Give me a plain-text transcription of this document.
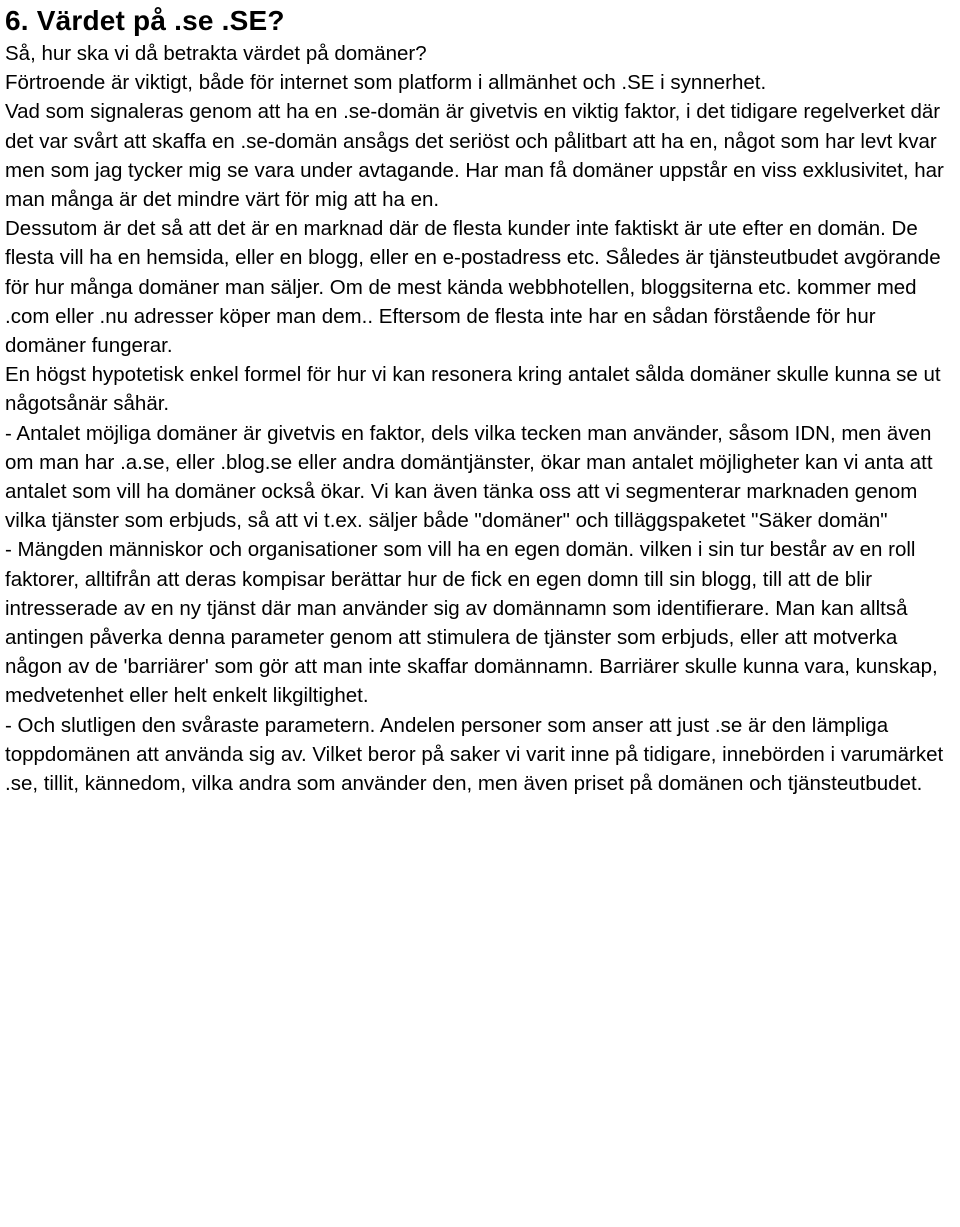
6. Värdet på .se .SE?

Så, hur ska vi då betrakta värdet på domäner?

Förtroende är viktigt, både för internet som platform i allmänhet och .SE i synnerhet.

Vad som signaleras genom att ha en .se-domän är givetvis en viktig faktor, i det tidigare regelverket där det var svårt att skaffa en .se-domän ansågs det seriöst och pålitbart att ha en, något som har levt kvar men som jag tycker mig se vara under avtagande. Har man få domäner uppstår en viss exklusivitet, har man många är det mindre värt för mig att ha en.

Dessutom är det så att det är en marknad där de flesta kunder inte faktiskt är ute efter en domän. De flesta vill ha en hemsida, eller en blogg, eller en e-postadress etc. Således är tjänsteutbudet avgörande för hur många domäner man säljer. Om de mest kända webbhotellen, bloggsiterna etc. kommer med .com eller .nu adresser köper man dem.. Eftersom de flesta inte har en sådan förstående för hur domäner fungerar.

En högst hypotetisk enkel formel för hur vi kan resonera kring antalet sålda domäner skulle kunna se ut någotsånär såhär.

- Antalet möjliga domäner är givetvis en faktor, dels vilka tecken man använder, såsom IDN, men även om man har .a.se, eller .blog.se eller andra domäntjänster, ökar man antalet möjligheter kan vi anta att antalet som vill ha domäner också ökar. Vi kan även tänka oss att vi segmenterar marknaden genom vilka tjänster som erbjuds, så att vi t.ex. säljer både "domäner" och tilläggspaketet "Säker domän"

- Mängden människor och organisationer som vill ha en egen domän. vilken i sin tur består av en roll faktorer, alltifrån att deras kompisar berättar hur de fick en egen domn till sin blogg, till att de blir intresserade av en ny tjänst där man använder sig av domännamn som identifierare. Man kan alltså antingen påverka denna parameter genom att stimulera de tjänster som erbjuds, eller att motverka någon av de 'barriärer' som gör att man inte skaffar domännamn. Barriärer skulle kunna vara, kunskap, medvetenhet eller helt enkelt likgiltighet.

- Och slutligen den svåraste parametern. Andelen personer som anser att just .se är den lämpliga toppdomänen att använda sig av. Vilket beror på saker vi varit inne på tidigare, innebörden i varumärket .se, tillit, kännedom, vilka andra som använder den, men även priset på domänen och tjänsteutbudet.
